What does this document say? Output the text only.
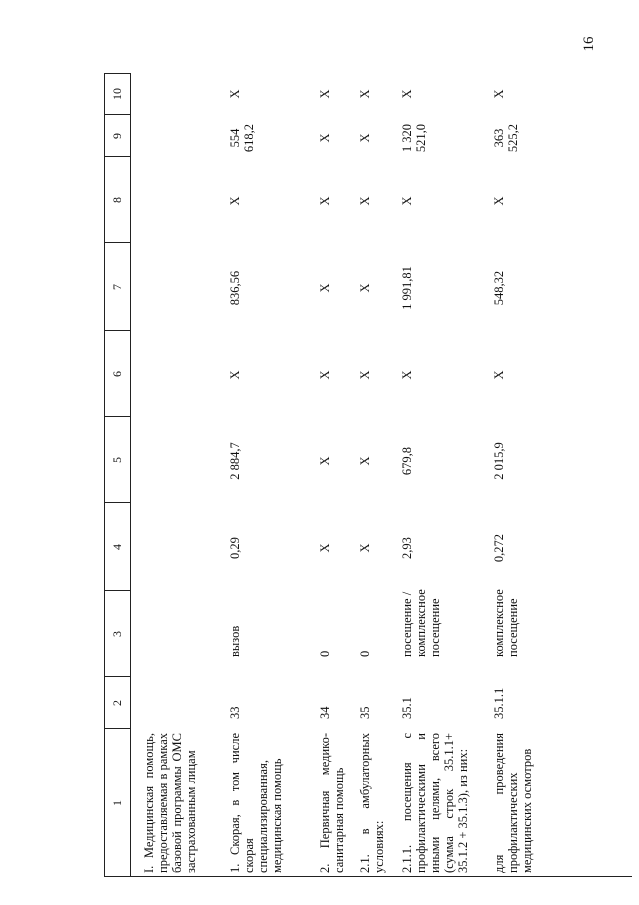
16
1
2
3
4
5
6
7
8
9
10
I. Медицинская помощь, предоставляемая в рамках базовой программы ОМС застрахованным лицам 1. Скорая, в том числе скорая специализированная, медицинская помощь
33
вызов
0,29
2 884,7
X
836,56
X
554 618,2
X
2. Первичная медико-санитарная помощь
34
0
X
X
X
X
X
X
X
2.1. в амбулаторных условиях:
35
0
X
X
X
X
X
X
X
2.1.1. посещения с профилактическими и иными целями, всего (сумма строк 35.1.1+ 35.1.2 + 35.1.3), из них:
35.1
посещение / комплексное посещение
2,93
679,8
X
1 991,81
X
1 320 521,0
X
для проведения профилактических медицинских осмотров
35.1.1
комплексное посещение
0,272
2 015,9
X
548,32
X
363 525,2
X
